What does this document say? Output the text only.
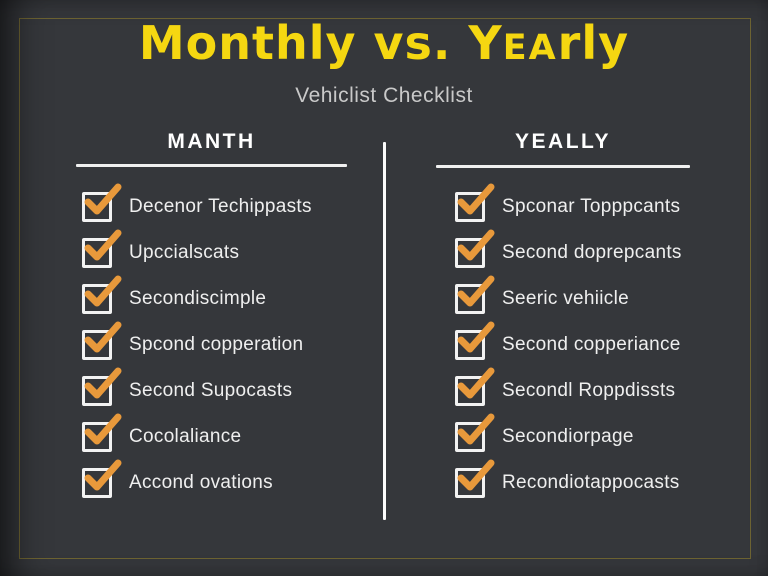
Monthly vs. YEArly
Vehiclist Checklist
MANTH	YEALLY
Decenor Techippasts
Upccialscats
Secondiscimple
Spcond copperation
Second Supocasts
Cocolaliance
Accond ovations
Spconar Topppcants
Second doprepcants
Seeric vehiicle
Second copperiance
Secondl Roppdissts
Secondiorpage
Recondiotappocasts
